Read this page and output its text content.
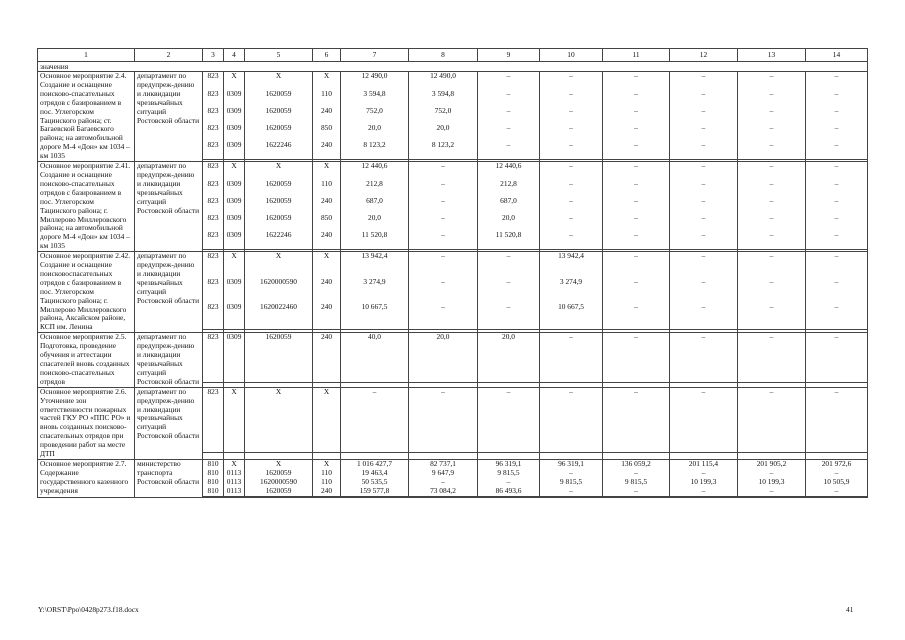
1	2	3	4	5	6	7	8	9	10	11	12	13	14
значения													
Основное мероприятие 2.4. Создание и оснащение поисково-спасательных отрядов с базированием в пос. Углегорском Тацинского района; ст. Багаевской Багаевского района; на автомобильной дороге М-4 «Дон» км 1034 – км 1035	департамент по предупреж-дению и ликвидации чрезвычайных ситуаций Ростовской области	823	Х	Х	Х	12 490,0	12 490,0	–	–	–	–	–	–
		823	0309	1620059	110	3 594,8	3 594,8	–	–	–	–	–	–
		823	0309	1620059	240	752,0	752,0	–	–	–	–	–	–
		823	0309	1620059	850	20,0	20,0	–	–	–	–	–	–
		823	0309	1622246	240	8 123,2	8 123,2	–	–	–	–	–	–

Основное мероприятие 2.41. Создание и оснащение поисково-спасательных отрядов с базированием в пос. Углегорском Тацинского района; г. Миллерово Миллеровского района; на автомобильной дороге М-4 «Дон» км 1034 – км 1035	департамент по предупреж-дению и ликвидации чрезвычайных ситуаций Ростовской области	823	Х	Х	Х	12 440,6	–	12 440,6	–	–	–	–	–
		823	0309	1620059	110	212,8	–	212,8	–	–	–	–	–
		823	0309	1620059	240	687,0	–	687,0	–	–	–	–	–
		823	0309	1620059	850	20,0	–	20,0	–	–	–	–	–
		823	0309	1622246	240	11 520,8	–	11 520,8	–	–	–	–	–

Основное мероприятие 2.42. Создание и оснащение поисковоспасательных отрядов с базированием в пос. Углегорском Тацинского района; г. Миллерово Миллеровского района, Аксайском районе, КСП им. Ленина	департамент по предупреж-дению и ликвидации чрезвычайных ситуаций Ростовской области	823	Х	Х	Х	13 942,4	–	–	13 942,4	–	–	–	–
		823	0309	1620000590	240	3 274,9	–	–	3 274,9	–	–	–	–
		823	0309	1620022460	240	10 667,5	–	–	10 667,5	–	–	–	–

Основное мероприятие 2.5. Подготовка, проведение обучения и аттестации спасателей вновь созданных поисково-спасательных отрядов	департамент по предупреж-дению и ликвидации чрезвычайных ситуаций Ростовской области	823	0309	1620059	240	40,0	20,0	20,0	–	–	–	–	–

Основное мероприятие 2.6. Уточнение зон ответственности пожарных частей ГКУ РО «ППС РО» и вновь созданных поисково-спасательных отрядов при проведении работ на месте ДТП	департамент по предупреж-дению и ликвидации чрезвычайных ситуаций Ростовской области	823	Х	Х	Х	–	–	–	–	–	–	–	–

Основное мероприятие 2.7. Содержание государственного казенного учреждения	министерство транспорта Ростовской области	810	Х	Х	Х	1 016 427,7	82 737,1	96 319,1	96 319,1	136 059,2	201 115,4	201 905,2	201 972,6
		810	0113	1620059	110	19 463,4	9 647,9	9 815,5	–	–	–	–	–
		810	0113	1620000590	110	50 535,5	–	–	9 815,5	9 815,5	10 199,3	10 199,3	10 505,9
		810	0113	1620059	240	159 577,8	73 084,2	86 493,6	–	–	–	–	–

Y:\ORST\Ppo\0428p273.f18.docx	41
